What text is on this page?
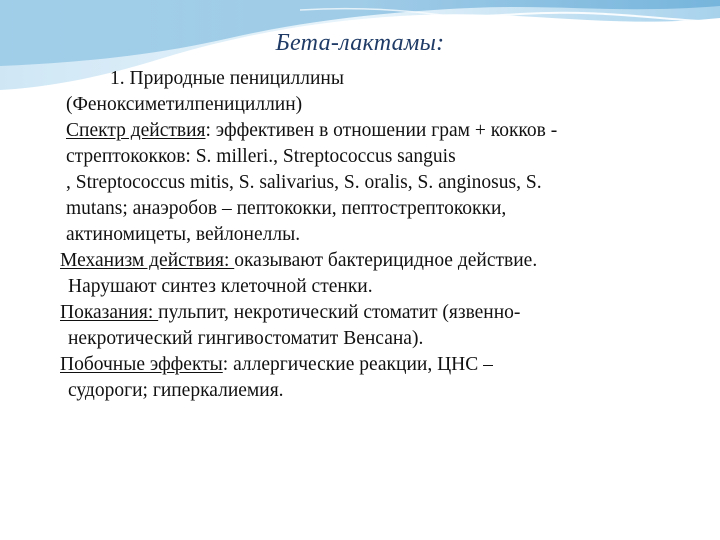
Бета-лактамы:
1. Природные пенициллины
(Феноксиметилпенициллин)
Спектр действия: эффективен в отношении грам + кокков -
стрептококков: S. milleri., Streptococcus sanguis
, Streptococcus mitis, S. salivarius, S. oralis, S. anginosus, S.
mutans; анаэробов – пептококки, пептострептококки,
актиномицеты, вейлонеллы.
Механизм действия: оказывают бактерицидное действие.
Нарушают синтез клеточной стенки.
Показания: пульпит, некротический стоматит (язвенно-
некротический гингивостоматит Венсана).
Побочные эффекты: аллергические реакции, ЦНС –
судороги; гиперкалиемия.
